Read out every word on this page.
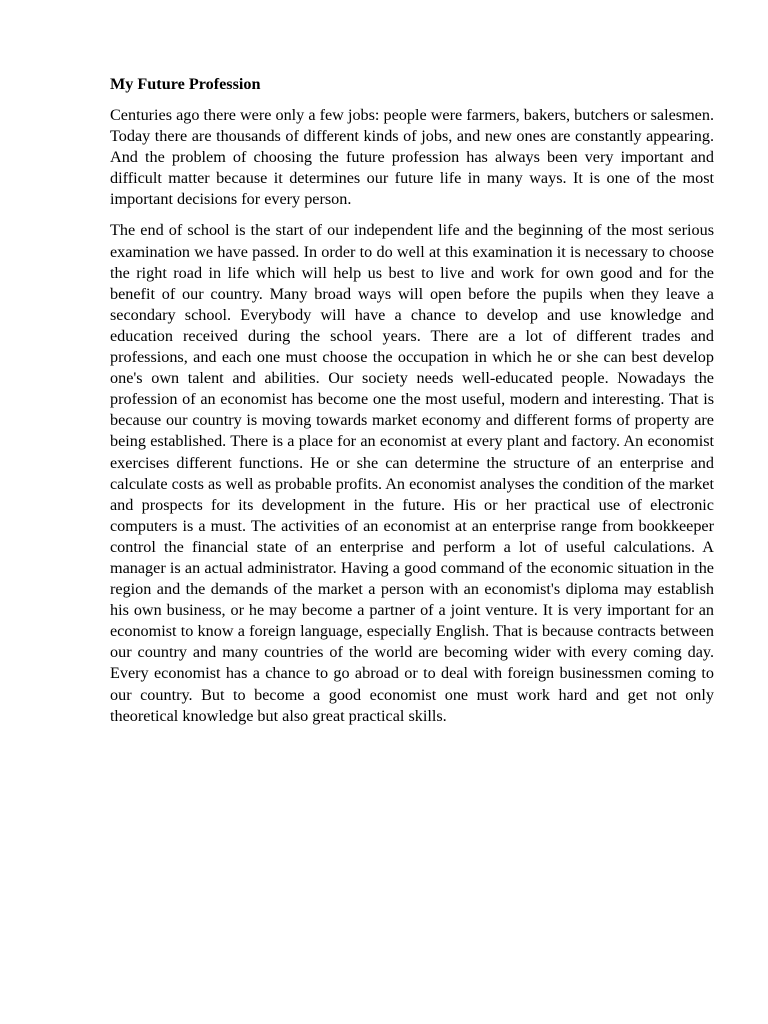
My Future Profession

Centuries ago there were only a few jobs: people were farmers, bakers, butchers or salesmen. Today there are thousands of different kinds of jobs, and new ones are constantly appearing. And the problem of choosing the future profession has always been very important and difficult matter because it determines our future life in many ways. It is one of the most important decisions for every person.

The end of school is the start of our independent life and the beginning of the most serious examination we have passed. In order to do well at this examination it is necessary to choose the right road in life which will help us best to live and work for own good and for the benefit of our country. Many broad ways will open before the pupils when they leave a secondary school. Everybody will have a chance to develop and use knowledge and education received during the school years. There are a lot of different trades and professions, and each one must choose the occupation in which he or she can best develop one's own talent and abilities. Our society needs well-educated people. Nowadays the profession of an economist has become one the most useful, modern and interesting. That is because our country is moving towards market economy and different forms of property are being established. There is a place for an economist at every plant and factory. An economist exercises different functions. He or she can determine the structure of an enterprise and calculate costs as well as probable profits. An economist analyses the condition of the market and prospects for its development in the future. His or her practical use of electronic computers is a must. The activities of an economist at an enterprise range from bookkeeper control the financial state of an enterprise and perform a lot of useful calculations. A manager is an actual administrator. Having a good command of the economic situation in the region and the demands of the market a person with an economist's diploma may establish his own business, or he may become a partner of a joint venture. It is very important for an economist to know a foreign language, especially English. That is because contracts between our country and many countries of the world are becoming wider with every coming day. Every economist has a chance to go abroad or to deal with foreign businessmen coming to our country. But to become a good economist one must work hard and get not only theoretical knowledge but also great practical skills.
